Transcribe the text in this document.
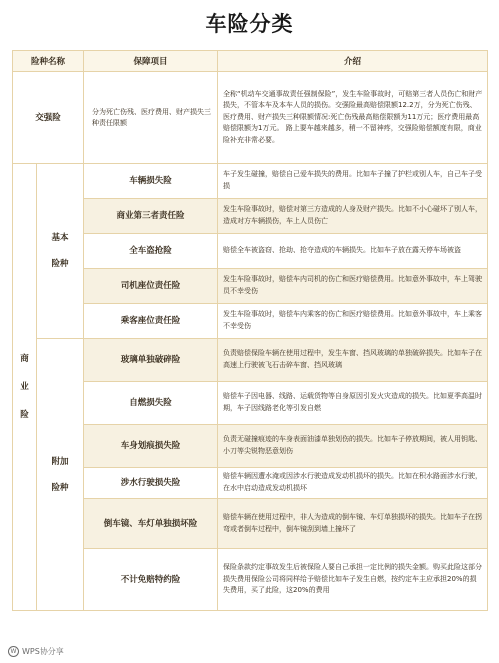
车险分类
险种名称		保障项目	介绍
交强险		分为死亡伤残、医疗费用、财产损失三种责任限额	全称“机动车交通事故责任强制保险”，发生车险事故时，可赔第三者人员伤亡和财产损失，不管本车及本车人员的损伤。交强险最高赔偿限额12.2万，分为死亡伤残、医疗费用、财产损失三种限额情况:死亡伤残最高赔偿限额为11万元；医疗费用最高赔偿限额为1万元。 路上要车越来越多，稍一不留神疼，交强险赔偿额度有限，商业险补充非常必要。

商业险	基本险种	车辆损失险	车子发生碰撞，赔偿自己爱车损失的费用。比如车子撞了护栏或别人车，自己车子受损
		商业第三者责任险	发生车险事故时，赔偿对第三方造成的人身及财产损失。比如不小心碰坏了别人车，造成对方车辆损伤，车上人员伤亡
		全车盗抢险	赔偿全车被盗窃、抢劫、抢夺造成的车辆损失。比如车子放在露天停车场被盗
		司机座位责任险	发生车险事故时，赔偿车内司机的伤亡和医疗赔偿费用。比如意外事故中，车上驾驶员不幸受伤
		乘客座位责任险	发生车险事故时，赔偿车内乘客的伤亡和医疗赔偿费用。比如意外事故中，车上乘客不幸受伤

	附加险种	玻璃单独破碎险	负责赔偿保险车辆在使用过程中，发生车窗、挡风玻璃的单独破碎损失。比如车子在高速上行驶被飞石击碎车窗、挡风玻璃
		自燃损失险	赔偿车子因电器、线路、运载货物等自身原因引发火灾造成的损失。比如夏季高温时期，车子因线路老化等引发自燃
		车身划痕损失险	负责无碰撞痕迹的车身表面油漆单独划伤的损失。比如车子停放期间，被人用钥匙、小刀等尖锐物恶意划伤
		涉水行驶损失险	赔偿车辆因遭水淹或因涉水行驶造成发动机损坏的损失。比如在积水路面涉水行驶，在水中启动造成发动机损坏
		倒车镜、车灯单独损坏险	赔偿车辆在使用过程中，非人为造成的倒车镜、车灯单独损坏的损失。比如车子在拐弯或者倒车过程中，倒车镜刮到墙上撞坏了
		不计免赔特约险	保险条款约定事故发生后被保险人要自己承担一定比例的损失金额。购买此险这部分损失费用保险公司将同样给予赔偿比如车子发生自燃，按约定车主应承担20%的损失费用，买了此险，这20%的费用
W WPS协分享
